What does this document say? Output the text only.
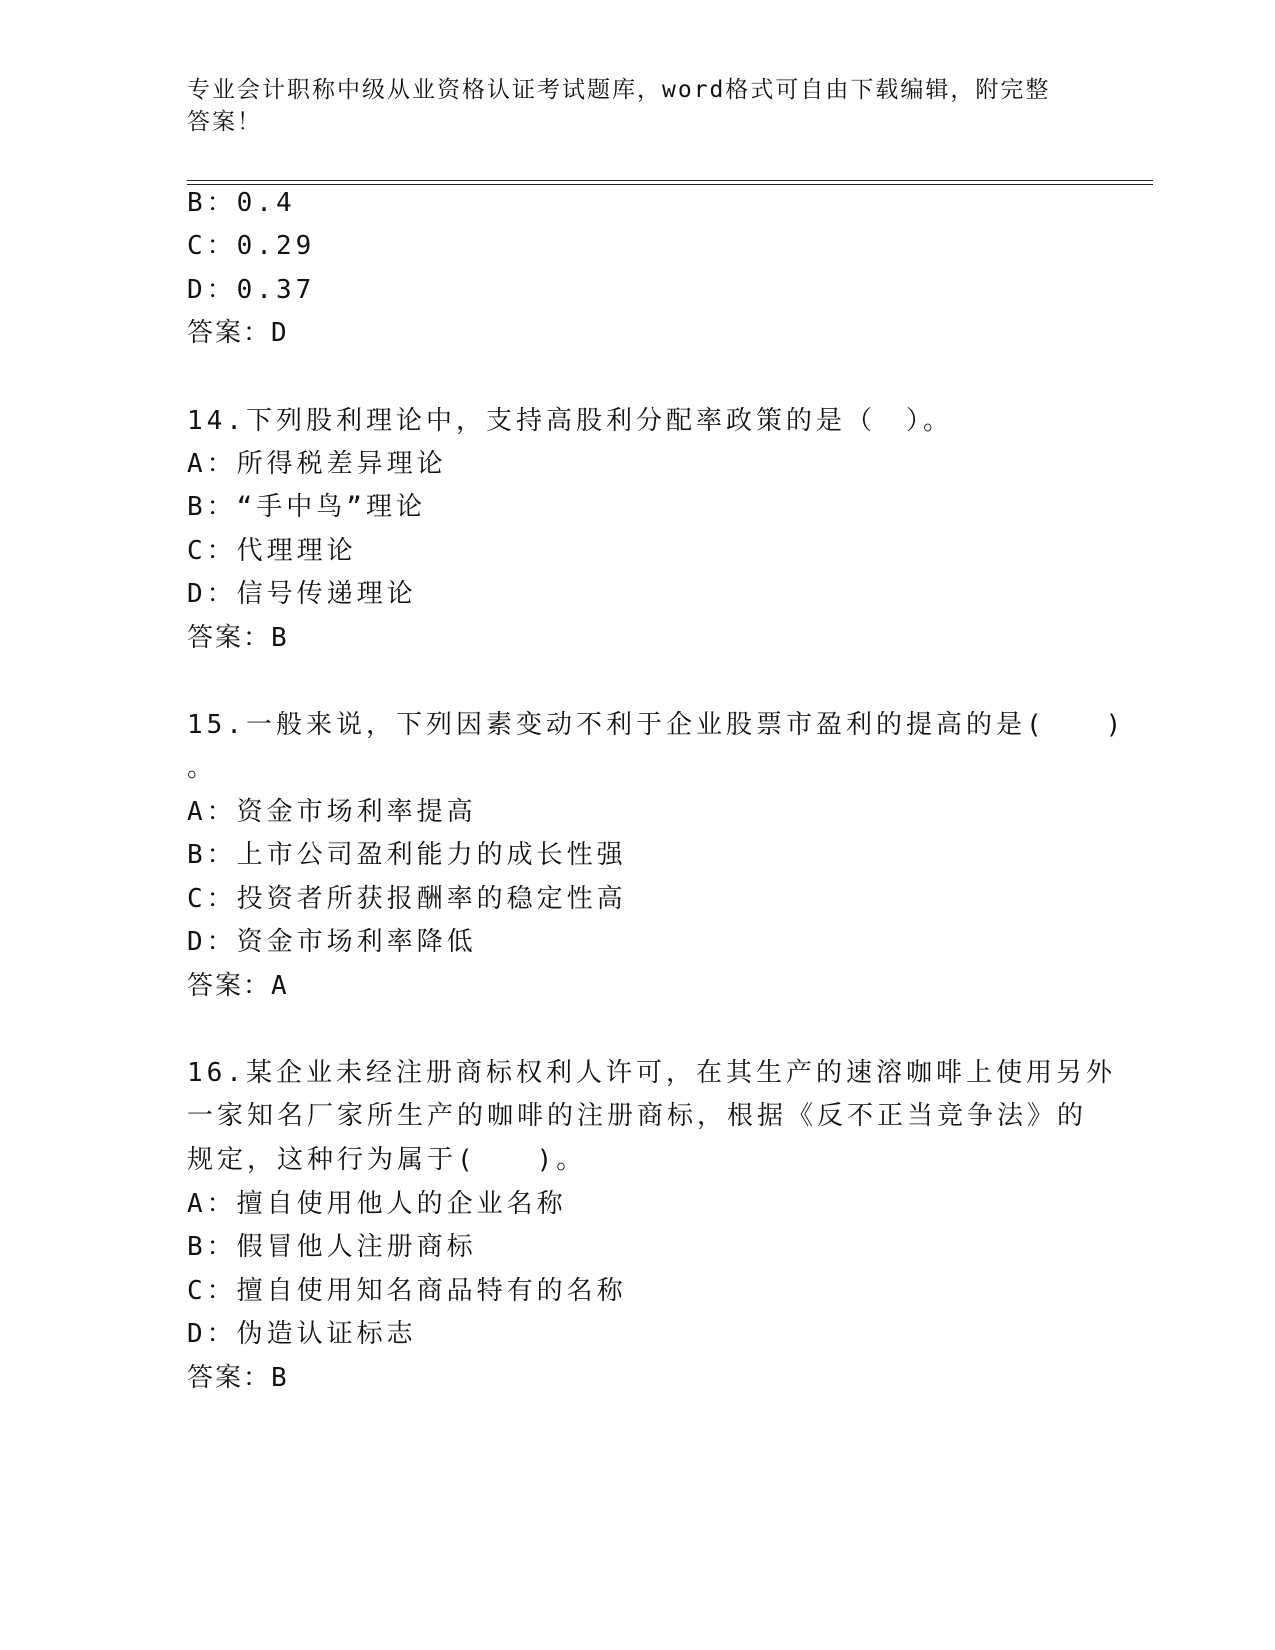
专业会计职称中级从业资格认证考试题库，word格式可自由下载编辑，附完整答案！
B：0.4
C：0.29
D：0.37
答案：D
14.下列股利理论中，支持高股利分配率政策的是（　）。
A：所得税差异理论
B：“手中鸟”理论
C：代理理论
D：信号传递理论
答案：B
15.一般来说，下列因素变动不利于企业股票市盈利的提高的是(　　)
。
A：资金市场利率提高
B：上市公司盈利能力的成长性强
C：投资者所获报酬率的稳定性高
D：资金市场利率降低
答案：A
16.某企业未经注册商标权利人许可，在其生产的速溶咖啡上使用另外
一家知名厂家所生产的咖啡的注册商标，根据《反不正当竞争法》的
规定，这种行为属于(　　)。
A：擅自使用他人的企业名称
B：假冒他人注册商标
C：擅自使用知名商品特有的名称
D：伪造认证标志
答案：B
